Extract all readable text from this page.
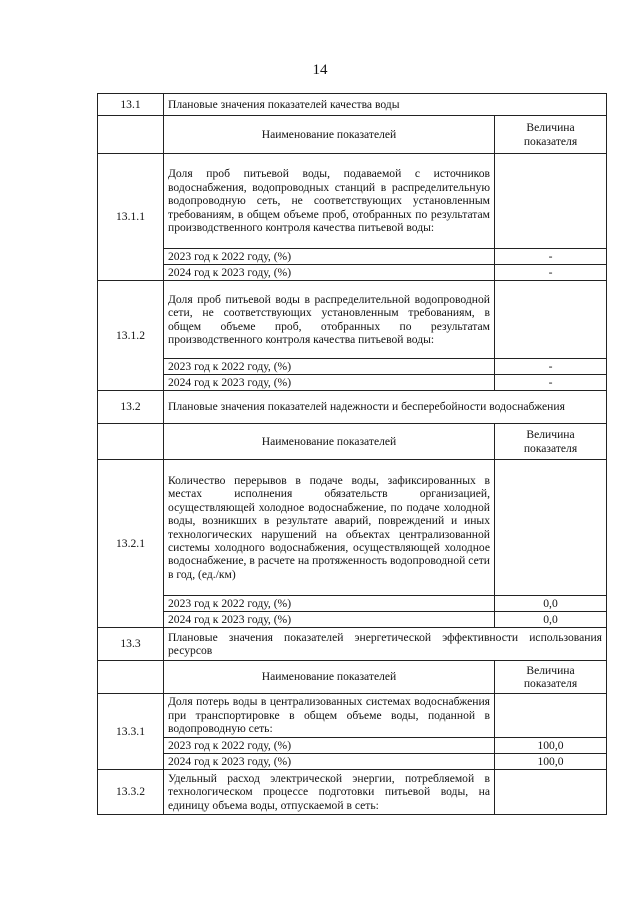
14
13.1	Плановые значения показателей качества воды	
	Наименование показателей	Величина показателя
13.1.1	Доля проб питьевой воды, подаваемой с источников водоснабжения, водопроводных станций в распределительную водопроводную сеть, не соответствующих установленным требованиям, в общем объеме проб, отобранных по результатам производственного контроля качества питьевой воды:	
	2023 год к 2022 году, (%)	-
	2024 год к 2023 году, (%)	-
13.1.2	Доля проб питьевой воды в распределительной водопроводной сети, не соответствующих установленным требованиям, в общем объеме проб, отобранных по результатам производственного контроля качества питьевой воды:	
	2023 год к 2022 году, (%)	-
	2024 год к 2023 году, (%)	-
13.2	Плановые значения показателей надежности и бесперебойности водоснабжения	
	Наименование показателей	Величина показателя
13.2.1	Количество перерывов в подаче воды, зафиксированных в местах исполнения обязательств организацией, осуществляющей холодное водоснабжение, по подаче холодной воды, возникших в результате аварий, повреждений и иных технологических нарушений на объектах централизованной системы холодного водоснабжения, осуществляющей холодное водоснабжение, в расчете на протяженность водопроводной сети в год, (ед./км)	
	2023 год к 2022 году, (%)	0,0
	2024 год к 2023 году, (%)	0,0
13.3	Плановые значения показателей энергетической эффективности использования ресурсов	
	Наименование показателей	Величина показателя
13.3.1	Доля потерь воды в централизованных системах водоснабжения при транспортировке в общем объеме воды, поданной в водопроводную сеть:	
	2023 год к 2022 году, (%)	100,0
	2024 год к 2023 году, (%)	100,0
13.3.2	Удельный расход электрической энергии, потребляемой в технологическом процессе подготовки питьевой воды, на единицу объема воды, отпускаемой в сеть:	
